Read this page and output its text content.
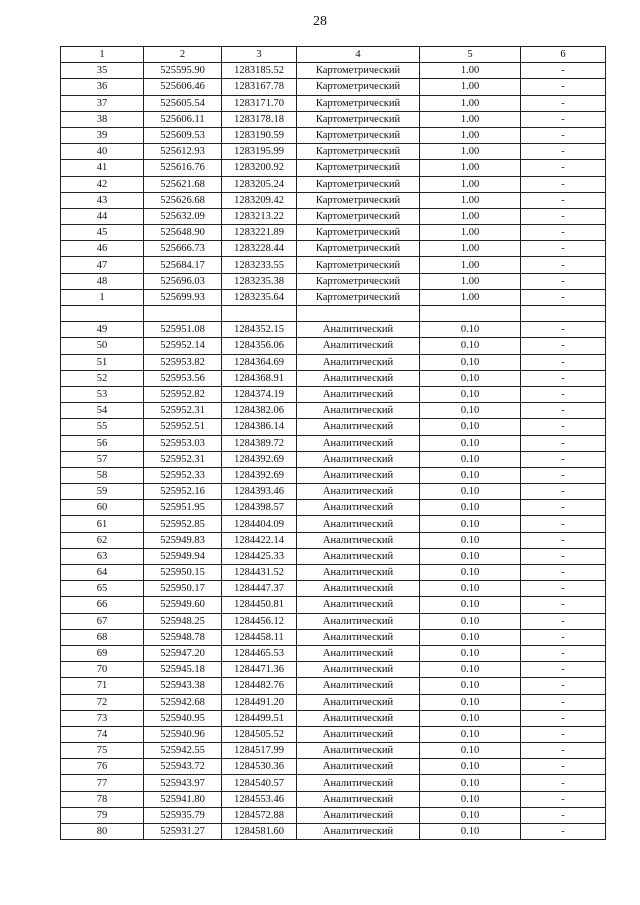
28
1	2	3	4	5	6
35	525595.90	1283185.52	Картометрический	1.00	-
36	525606.46	1283167.78	Картометрический	1.00	-
37	525605.54	1283171.70	Картометрический	1.00	-
38	525606.11	1283178.18	Картометрический	1.00	-
39	525609.53	1283190.59	Картометрический	1.00	-
40	525612.93	1283195.99	Картометрический	1.00	-
41	525616.76	1283200.92	Картометрический	1.00	-
42	525621.68	1283205.24	Картометрический	1.00	-
43	525626.68	1283209.42	Картометрический	1.00	-
44	525632.09	1283213.22	Картометрический	1.00	-
45	525648.90	1283221.89	Картометрический	1.00	-
46	525666.73	1283228.44	Картометрический	1.00	-
47	525684.17	1283233.55	Картометрический	1.00	-
48	525696.03	1283235.38	Картометрический	1.00	-
1	525699.93	1283235.64	Картометрический	1.00	-

49	525951.08	1284352.15	Аналитический	0.10	-
50	525952.14	1284356.06	Аналитический	0.10	-
51	525953.82	1284364.69	Аналитический	0.10	-
52	525953.56	1284368.91	Аналитический	0.10	-
53	525952.82	1284374.19	Аналитический	0.10	-
54	525952.31	1284382.06	Аналитический	0.10	-
55	525952.51	1284386.14	Аналитический	0.10	-
56	525953.03	1284389.72	Аналитический	0.10	-
57	525952.31	1284392.69	Аналитический	0.10	-
58	525952.33	1284392.69	Аналитический	0.10	-
59	525952.16	1284393.46	Аналитический	0.10	-
60	525951.95	1284398.57	Аналитический	0.10	-
61	525952.85	1284404.09	Аналитический	0.10	-
62	525949.83	1284422.14	Аналитический	0.10	-
63	525949.94	1284425.33	Аналитический	0.10	-
64	525950.15	1284431.52	Аналитический	0.10	-
65	525950.17	1284447.37	Аналитический	0.10	-
66	525949.60	1284450.81	Аналитический	0.10	-
67	525948.25	1284456.12	Аналитический	0.10	-
68	525948.78	1284458.11	Аналитический	0.10	-
69	525947.20	1284465.53	Аналитический	0.10	-
70	525945.18	1284471.36	Аналитический	0.10	-
71	525943.38	1284482.76	Аналитический	0.10	-
72	525942.68	1284491.20	Аналитический	0.10	-
73	525940.95	1284499.51	Аналитический	0.10	-
74	525940.96	1284505.52	Аналитический	0.10	-
75	525942.55	1284517.99	Аналитический	0.10	-
76	525943.72	1284530.36	Аналитический	0.10	-
77	525943.97	1284540.57	Аналитический	0.10	-
78	525941.80	1284553.46	Аналитический	0.10	-
79	525935.79	1284572.88	Аналитический	0.10	-
80	525931.27	1284581.60	Аналитический	0.10	-
